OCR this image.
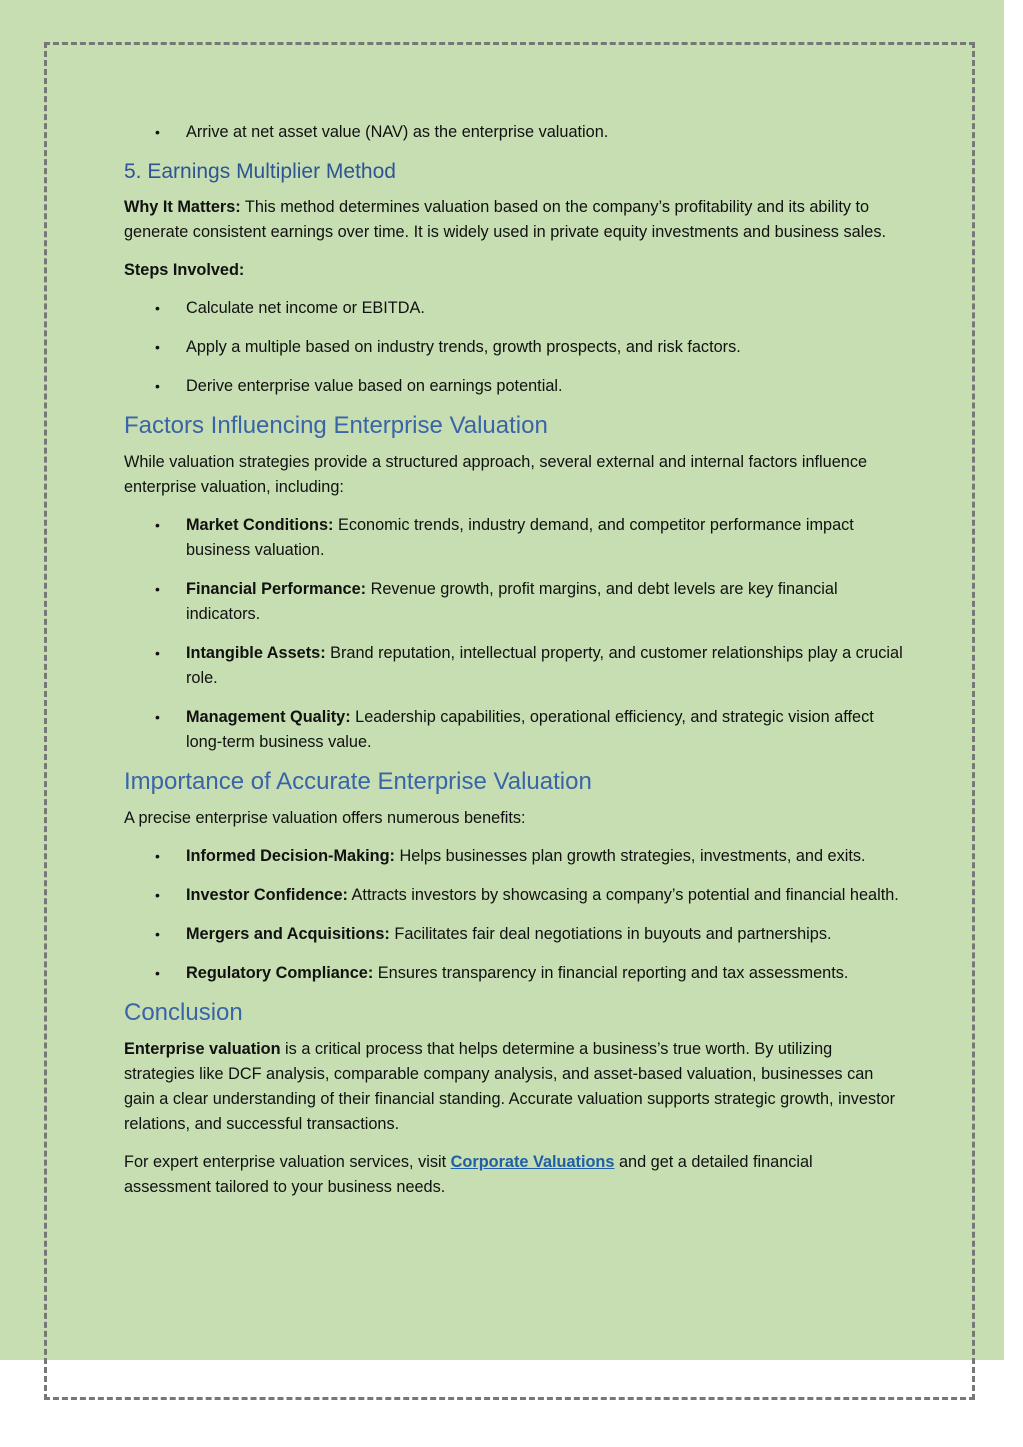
• Arrive at net asset value (NAV) as the enterprise valuation.
5. Earnings Multiplier Method

Why It Matters: This method determines valuation based on the company’s profitability and its ability to generate consistent earnings over time. It is widely used in private equity investments and business sales.

Steps Involved:

• Calculate net income or EBITDA.
• Apply a multiple based on industry trends, growth prospects, and risk factors.
• Derive enterprise value based on earnings potential.
Factors Influencing Enterprise Valuation

While valuation strategies provide a structured approach, several external and internal factors influence enterprise valuation, including:

• Market Conditions: Economic trends, industry demand, and competitor performance impact business valuation.
• Financial Performance: Revenue growth, profit margins, and debt levels are key financial indicators.
• Intangible Assets: Brand reputation, intellectual property, and customer relationships play a crucial role.
• Management Quality: Leadership capabilities, operational efficiency, and strategic vision affect long-term business value.
Importance of Accurate Enterprise Valuation

A precise enterprise valuation offers numerous benefits:

• Informed Decision-Making: Helps businesses plan growth strategies, investments, and exits.
• Investor Confidence: Attracts investors by showcasing a company’s potential and financial health.
• Mergers and Acquisitions: Facilitates fair deal negotiations in buyouts and partnerships.
• Regulatory Compliance: Ensures transparency in financial reporting and tax assessments.
Conclusion

Enterprise valuation is a critical process that helps determine a business’s true worth. By utilizing strategies like DCF analysis, comparable company analysis, and asset-based valuation, businesses can gain a clear understanding of their financial standing. Accurate valuation supports strategic growth, investor relations, and successful transactions.

For expert enterprise valuation services, visit Corporate Valuations and get a detailed financial assessment tailored to your business needs.
